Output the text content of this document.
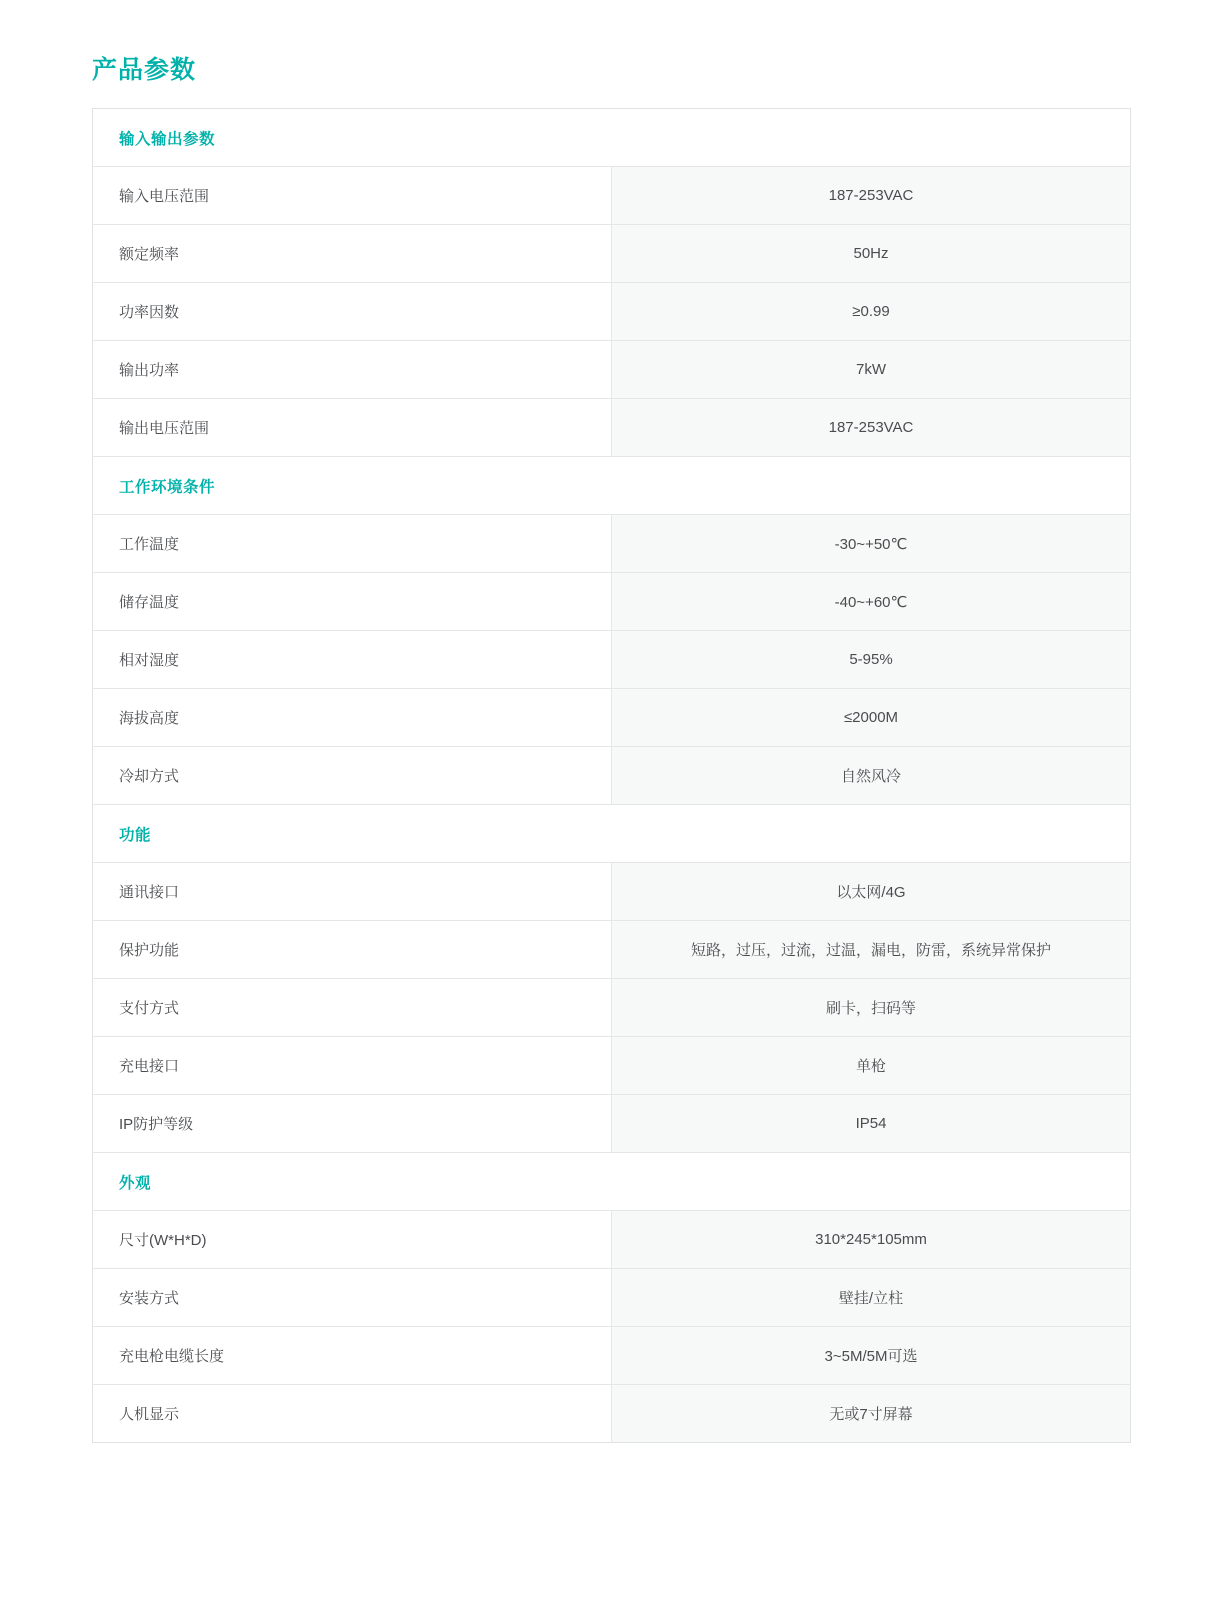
产品参数
输入输出参数	
输入电压范围	187-253VAC
额定频率	50Hz
功率因数	≥0.99
输出功率	7kW
输出电压范围	187-253VAC
工作环境条件	
工作温度	-30~+50℃
储存温度	-40~+60℃
相对湿度	5-95%
海拔高度	≤2000M
冷却方式	自然风冷
功能	
通讯接口	以太网/4G
保护功能	短路，过压，过流，过温，漏电，防雷，系统异常保护
支付方式	刷卡，扫码等
充电接口	单枪
IP防护等级	IP54
外观	
尺寸(W*H*D)	310*245*105mm
安装方式	壁挂/立柱
充电枪电缆长度	3~5M/5M可选
人机显示	无或7寸屏幕
